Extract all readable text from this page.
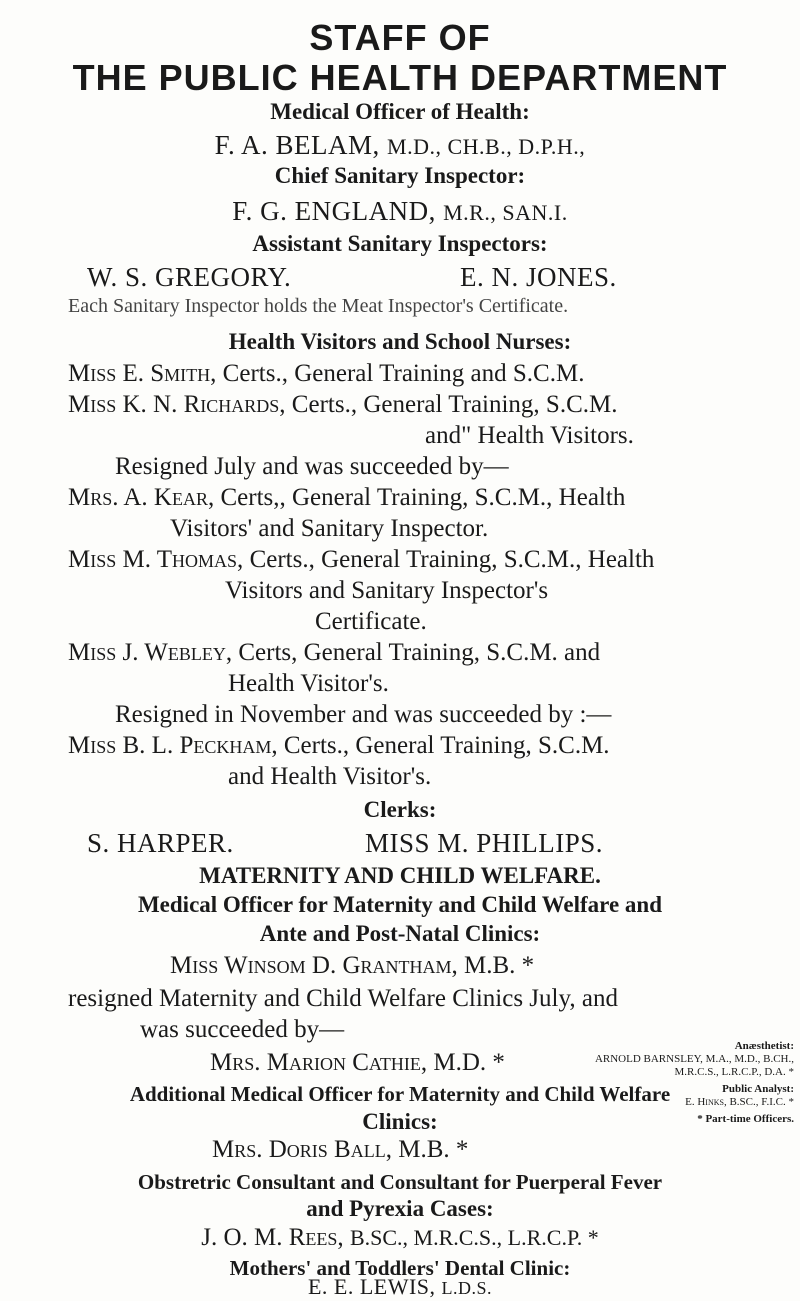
STAFF OF
THE PUBLIC HEALTH DEPARTMENT
Medical Officer of Health:
F. A. BELAM, M.D., CH.B., D.P.H.,
Chief Sanitary Inspector:
F. G. ENGLAND, M.R., SAN.I.
Assistant Sanitary Inspectors:
W. S. GREGORY.	E. N. JONES.
Each Sanitary Inspector holds the Meat Inspector's Certificate.
Health Visitors and School Nurses:
Miss E. Smith, Certs., General Training and S.C.M.
Miss K. N. Richards, Certs., General Training, S.C.M.
and" Health Visitors.
Resigned July and was succeeded by—
Mrs. A. Kear, Certs,, General Training, S.C.M., Health
Visitors' and Sanitary Inspector.
Miss M. Thomas, Certs., General Training, S.C.M., Health
Visitors and Sanitary Inspector's
Certificate.
Miss J. Webley, Certs, General Training, S.C.M. and
Health Visitor's.
Resigned in November and was succeeded by :—
Miss B. L. Peckham, Certs., General Training, S.C.M.
and Health Visitor's.
Clerks:
S. HARPER.	MISS M. PHILLIPS.
MATERNITY AND CHILD WELFARE.
Medical Officer for Maternity and Child Welfare and
Ante and Post-Natal Clinics:
Miss Winsom D. Grantham, M.B. *
resigned Maternity and Child Welfare Clinics July, and
was succeeded by—
Mrs. Marion Cathie, M.D. *
Additional Medical Officer for Maternity and Child Welfare
Clinics:
Mrs. Doris Ball, M.B. *
Obstretric Consultant and Consultant for Puerperal Fever
and Pyrexia Cases:
J. O. M. Rees, B.SC., M.R.C.S., L.R.C.P. *
Mothers' and Toddlers' Dental Clinic:
E. E. LEWIS, L.D.S.
Anæsthetist:
ARNOLD BARNSLEY, M.A., M.D., B.CH.,
M.R.C.S., L.R.C.P., D.A. *
Public Analyst:
E. Hinks, B.SC., F.I.C. *
* Part-time Officers.
